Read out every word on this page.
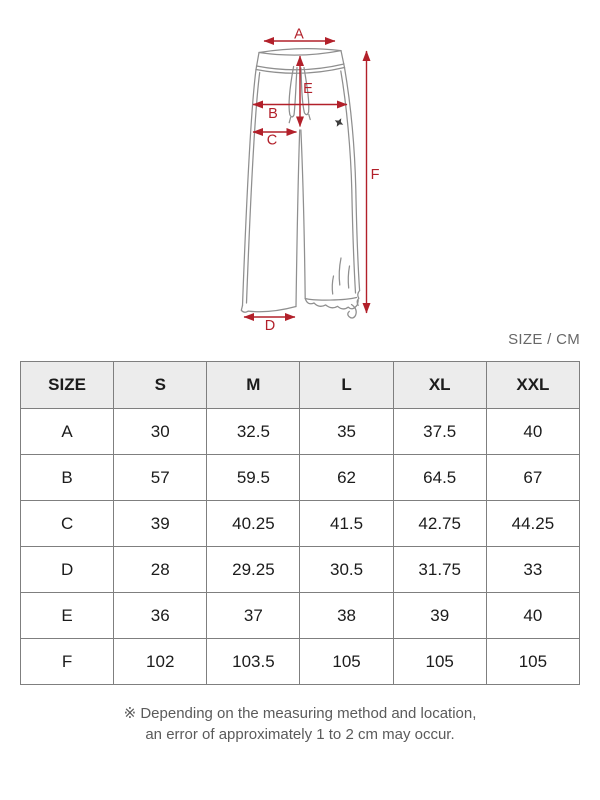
A
B
C
D
E
F
SIZE / CM
SIZE	S	M	L	XL	XXL
A	30	32.5	35	37.5	40
B	57	59.5	62	64.5	67
C	39	40.25	41.5	42.75	44.25
D	28	29.25	30.5	31.75	33
E	36	37	38	39	40
F	102	103.5	105	105	105
※ Depending on the measuring method and location,
an error of approximately 1 to 2 cm may occur.
